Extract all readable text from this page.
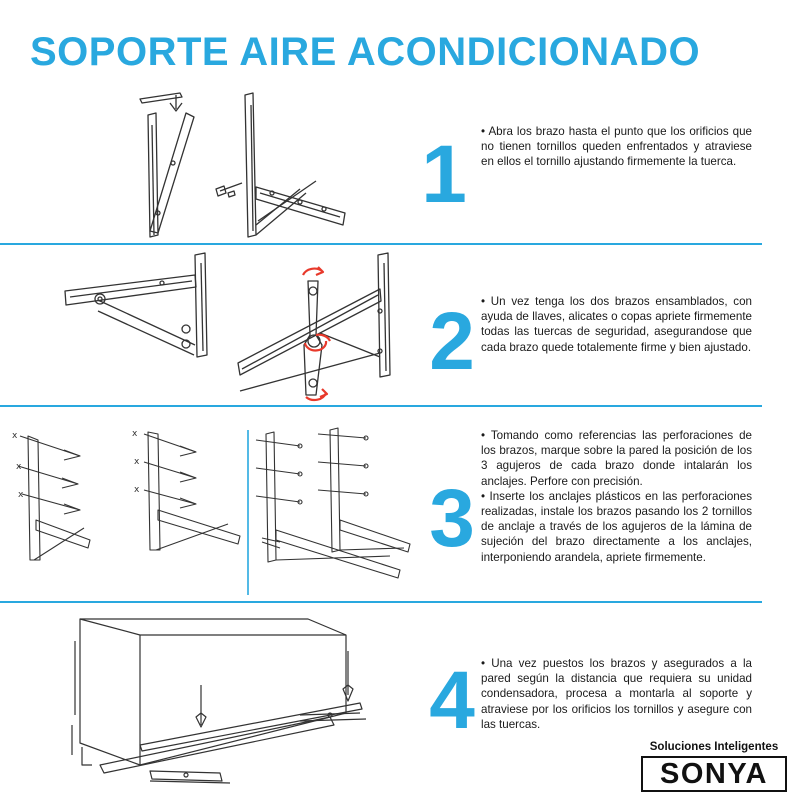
SOPORTE AIRE ACONDICIONADO
1	• Abra los brazo hasta el punto que los orificios que no tienen tornillos queden enfrentados y atraviese en ellos el tornillo ajustando firmemente la tuerca.

2	• Un vez tenga los dos brazos ensamblados, con ayuda de llaves, alicates o copas apriete firmemente todas las tuercas de seguridad, asegurandose que cada brazo quede totalemente firme y bien ajustado.

x
x
x
x
x
x	3

• Tomando como referencias las perforaciones de los brazos, marque sobre la pared la posición de los 3 agujeros de cada brazo donde intalarán los anclajes. Perfore con precisión.

• Inserte los anclajes plásticos en las perforaciones realizadas, instale los brazos pasando los 2 tornillos de anclaje a través de los agujeros de la lámina de sujeción del brazo directamente a los anclajes, interponiendo arandela, apriete firmemente.

4	• Una vez puestos los brazos y asegurados a la pared según la distancia que requiera su unidad condensadora, procesa a montarla al soporte y atraviese por los orificios los tornillos y asegure con las tuercas.

Soluciones Inteligentes
SONYA
